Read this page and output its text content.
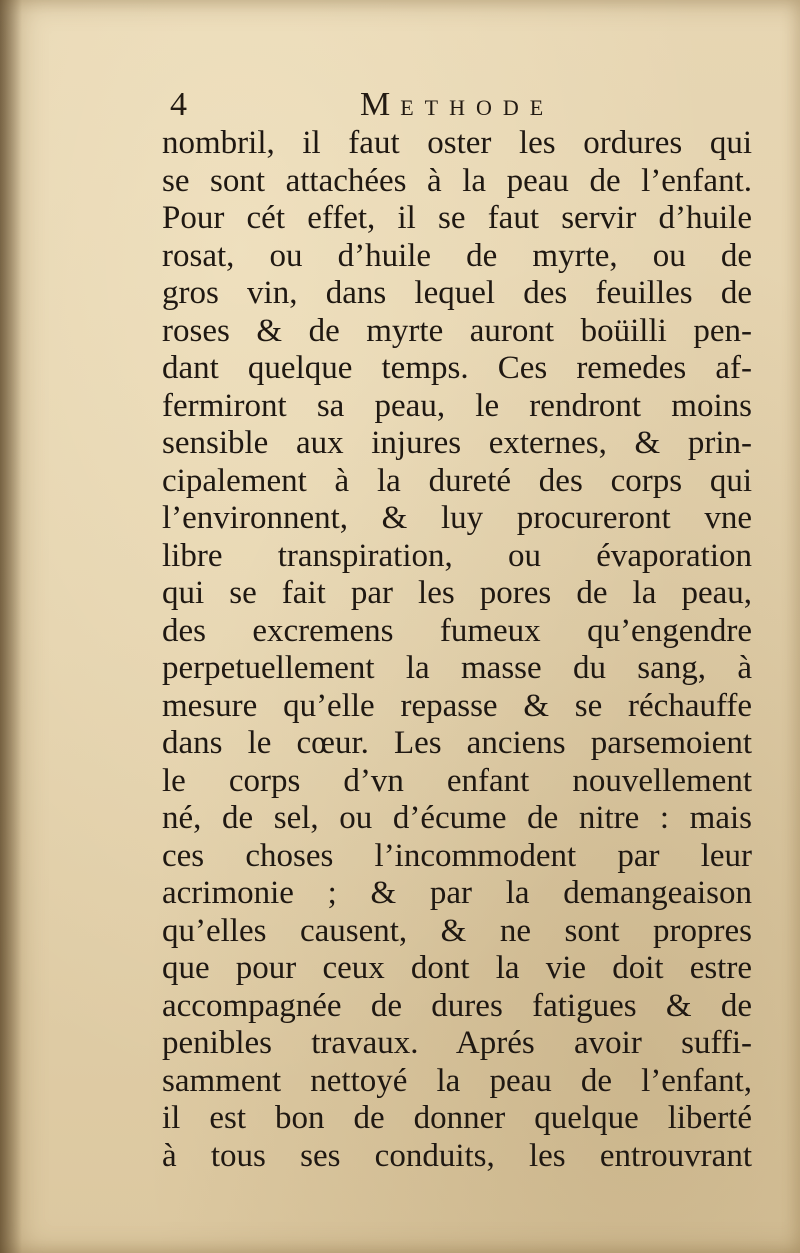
4	METHODE
nombril, il faut oster les ordures qui
se sont attachées à la peau de l’enfant.
Pour cét effet, il se faut servir d’huile
rosat, ou d’huile de myrte, ou de
gros vin, dans lequel des feuilles de
roses & de myrte auront boüilli pen-
dant quelque temps. Ces remedes af-
fermiront sa peau, le rendront moins
sensible aux injures externes, & prin-
cipalement à la dureté des corps qui
l’environnent, & luy procureront vne
libre transpiration, ou évaporation
qui se fait par les pores de la peau,
des excremens fumeux qu’engendre
perpetuellement la masse du sang, à
mesure qu’elle repasse & se réchauffe
dans le cœur. Les anciens parsemoient
le corps d’vn enfant nouvellement
né, de sel, ou d’écume de nitre : mais
ces choses l’incommodent par leur
acrimonie ; & par la demangeaison
qu’elles causent, & ne sont propres
que pour ceux dont la vie doit estre
accompagnée de dures fatigues & de
penibles travaux. Aprés avoir suffi-
samment nettoyé la peau de l’enfant,
il est bon de donner quelque liberté
à tous ses conduits, les entrouvrant
